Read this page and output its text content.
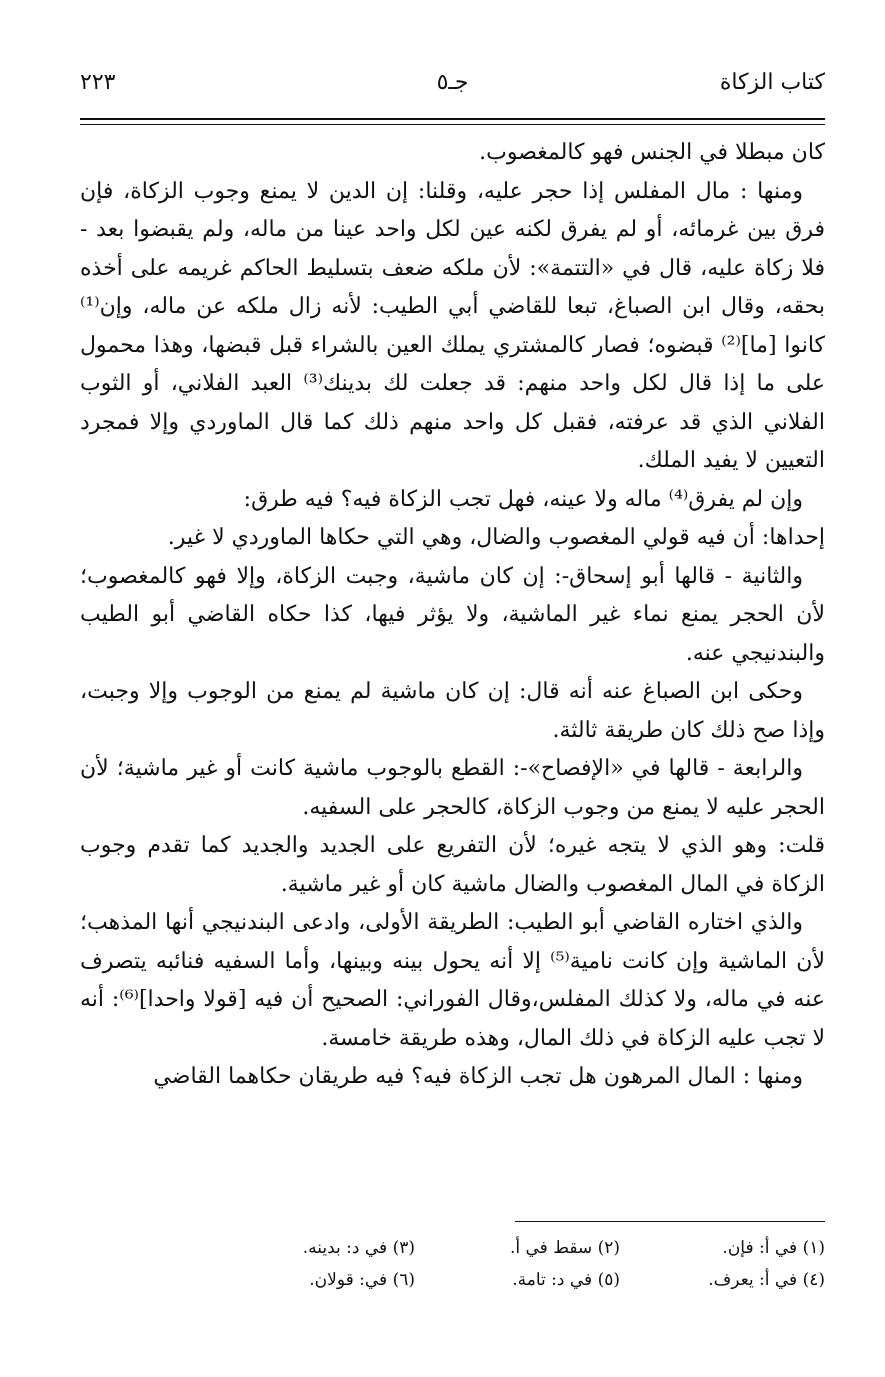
كتاب الزكاة
جـ٥
٢٢٣

كان مبطلا في الجنس فهو كالمغصوب.

ومنها : مال المفلس إذا حجر عليه، وقلنا: إن الدين لا يمنع وجوب الزكاة، فإن فرق بين غرمائه، أو لم يفرق لكنه عين لكل واحد عينا من ماله، ولم يقبضوا بعد - فلا زكاة عليه، قال في «التتمة»: لأن ملكه ضعف بتسليط الحاكم غريمه على أخذه بحقه، وقال ابن الصباغ، تبعا للقاضي أبي الطيب: لأنه زال ملكه عن ماله، وإن⁽¹⁾ كانوا [ما]⁽²⁾ قبضوه؛ فصار كالمشتري يملك العين بالشراء قبل قبضها، وهذا محمول على ما إذا قال لكل واحد منهم: قد جعلت لك بدينك⁽³⁾ العبد الفلاني، أو الثوب الفلاني الذي قد عرفته، فقبل كل واحد منهم ذلك كما قال الماوردي وإلا فمجرد التعيين لا يفيد الملك.

وإن لم يفرق⁽⁴⁾ ماله ولا عينه، فهل تجب الزكاة فيه؟ فيه طرق:

إحداها: أن فيه قولي المغصوب والضال، وهي التي حكاها الماوردي لا غير.

والثانية - قالها أبو إسحاق-: إن كان ماشية، وجبت الزكاة، وإلا فهو كالمغصوب؛ لأن الحجر يمنع نماء غير الماشية، ولا يؤثر فيها، كذا حكاه القاضي أبو الطيب والبندنيجي عنه.

وحكى ابن الصباغ عنه أنه قال: إن كان ماشية لم يمنع من الوجوب وإلا وجبت، وإذا صح ذلك كان طريقة ثالثة.

والرابعة - قالها في «الإفصاح»-: القطع بالوجوب ماشية كانت أو غير ماشية؛ لأن الحجر عليه لا يمنع من وجوب الزكاة، كالحجر على السفيه.

قلت: وهو الذي لا يتجه غيره؛ لأن التفريع على الجديد والجديد كما تقدم وجوب الزكاة في المال المغصوب والضال ماشية كان أو غير ماشية.

والذي اختاره القاضي أبو الطيب: الطريقة الأولى، وادعى البندنيجي أنها المذهب؛ لأن الماشية وإن كانت نامية⁽⁵⁾ إلا أنه يحول بينه وبينها، وأما السفيه فنائبه يتصرف عنه في ماله، ولا كذلك المفلس،وقال الفوراني: الصحيح أن فيه [قولا واحدا]⁽⁶⁾: أنه لا تجب عليه الزكاة في ذلك المال، وهذه طريقة خامسة.

ومنها : المال المرهون هل تجب الزكاة فيه؟ فيه طريقان حكاهما القاضي

(١) في أ: فإن.
(٢) سقط في أ.
(٣) في د: بدينه.
(٤) في أ: يعرف.
(٥) في د: تامة.
(٦) في: قولان.
